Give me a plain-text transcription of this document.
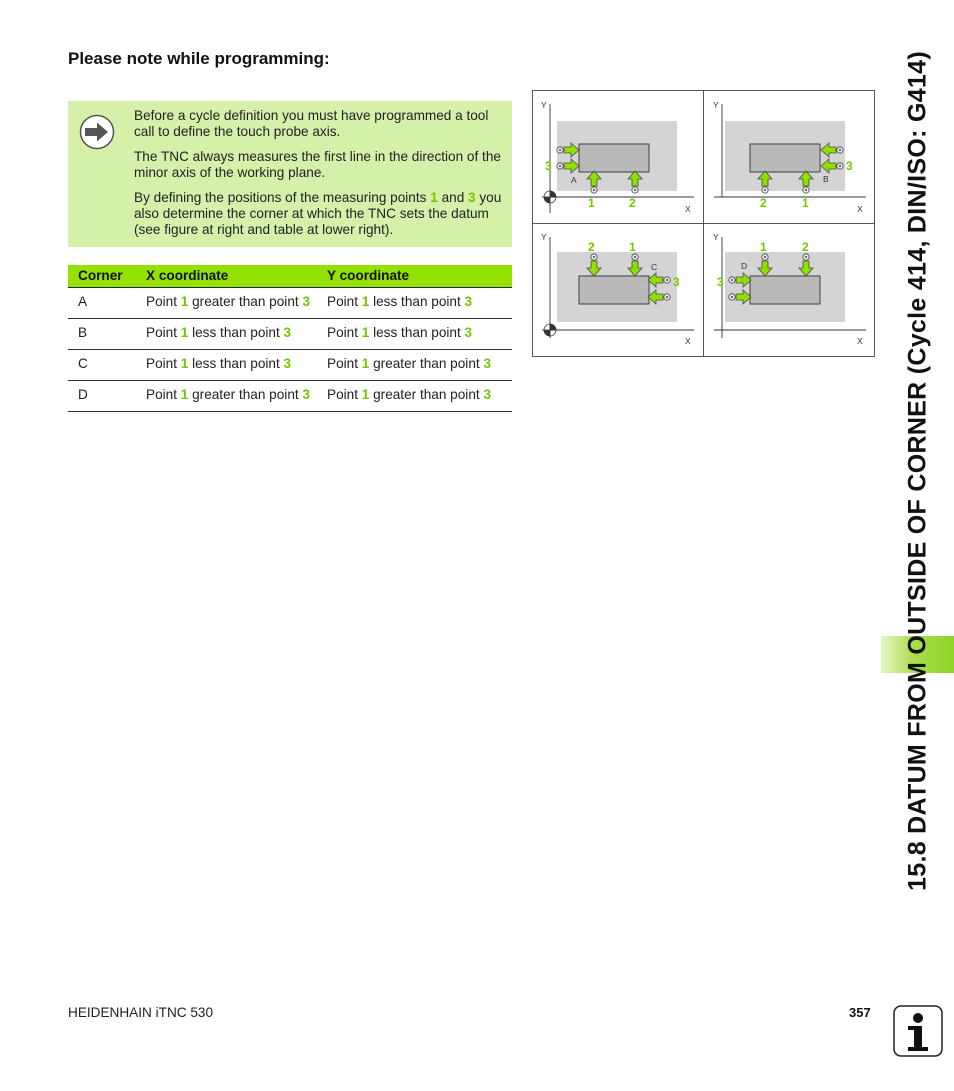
Please note while programming:

Before a cycle definition you must have programmed a tool call to define the touch probe axis.

The TNC always measures the first line in the direction of the minor axis of the working plane.

By defining the positions of the measuring points 1 and 3 you also determine the corner at which the TNC sets the datum (see figure at right and table at lower right).

Corner	X coordinate	Y coordinate
A	Point 1 greater than point 3	Point 1 less than point 3
B	Point 1 less than point 3	Point 1 less than point 3
C	Point 1 less than point 3	Point 1 greater than point 3
D	Point 1 greater than point 3	Point 1 greater than point 3
Y
X
3
A
1	2
Y
X
3
B
2	1
Y
X
2	1
C
3
Y
X
1	2
D
3	15.8 DATUM FROM OUTSIDE OF CORNER (Cycle 414, DIN/ISO: G414)
HEIDENHAIN iTNC 530	357
